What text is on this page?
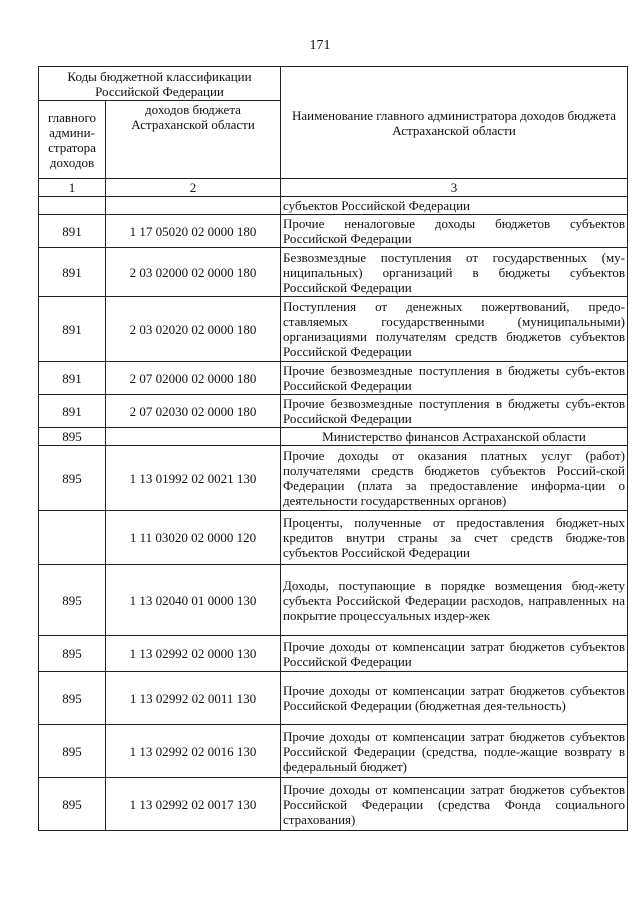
171
Коды бюджетной классификации Российской Федерации		Наименование главного администратора доходов бюджета Астраханской области
главного админи-стратора доходов	доходов бюджета Астраханской области	
1	2	3
		субъектов Российской Федерации
891	1 17 05020 02 0000 180	Прочие неналоговые доходы бюджетов субъектов Российской Федерации
891	2 03 02000 02 0000 180	Безвозмездные поступления от государственных (му-ниципальных) организаций в бюджеты субъектов Российской Федерации
891	2 03 02020 02 0000 180	Поступления от денежных пожертвований, предо-ставляемых государственными (муниципальными) организациями получателям средств бюджетов субъектов Российской Федерации
891	2 07 02000 02 0000 180	Прочие безвозмездные поступления в бюджеты субъ-ектов Российской Федерации
891	2 07 02030 02 0000 180	Прочие безвозмездные поступления в бюджеты субъ-ектов Российской Федерации
895		Министерство финансов Астраханской области
895	1 13 01992 02 0021 130	Прочие доходы от оказания платных услуг (работ) получателями средств бюджетов субъектов Россий-ской Федерации (плата за предоставление информа-ции о деятельности государственных органов)
	1 11 03020 02 0000 120	Проценты, полученные от предоставления бюджет-ных кредитов внутри страны за счет средств бюдже-тов субъектов Российской Федерации
895	1 13 02040 01 0000 130	Доходы, поступающие в порядке возмещения бюд-жету субъекта Российской Федерации расходов, направленных на покрытие процессуальных издер-жек
895	1 13 02992 02 0000 130	Прочие доходы от компенсации затрат бюджетов субъектов Российской Федерации
895	1 13 02992 02 0011 130	Прочие доходы от компенсации затрат бюджетов субъектов Российской Федерации (бюджетная дея-тельность)
895	1 13 02992 02 0016 130	Прочие доходы от компенсации затрат бюджетов субъектов Российской Федерации (средства, подле-жащие возврату в федеральный бюджет)
895	1 13 02992 02 0017 130	Прочие доходы от компенсации затрат бюджетов субъектов Российской Федерации (средства Фонда социального страхования)
